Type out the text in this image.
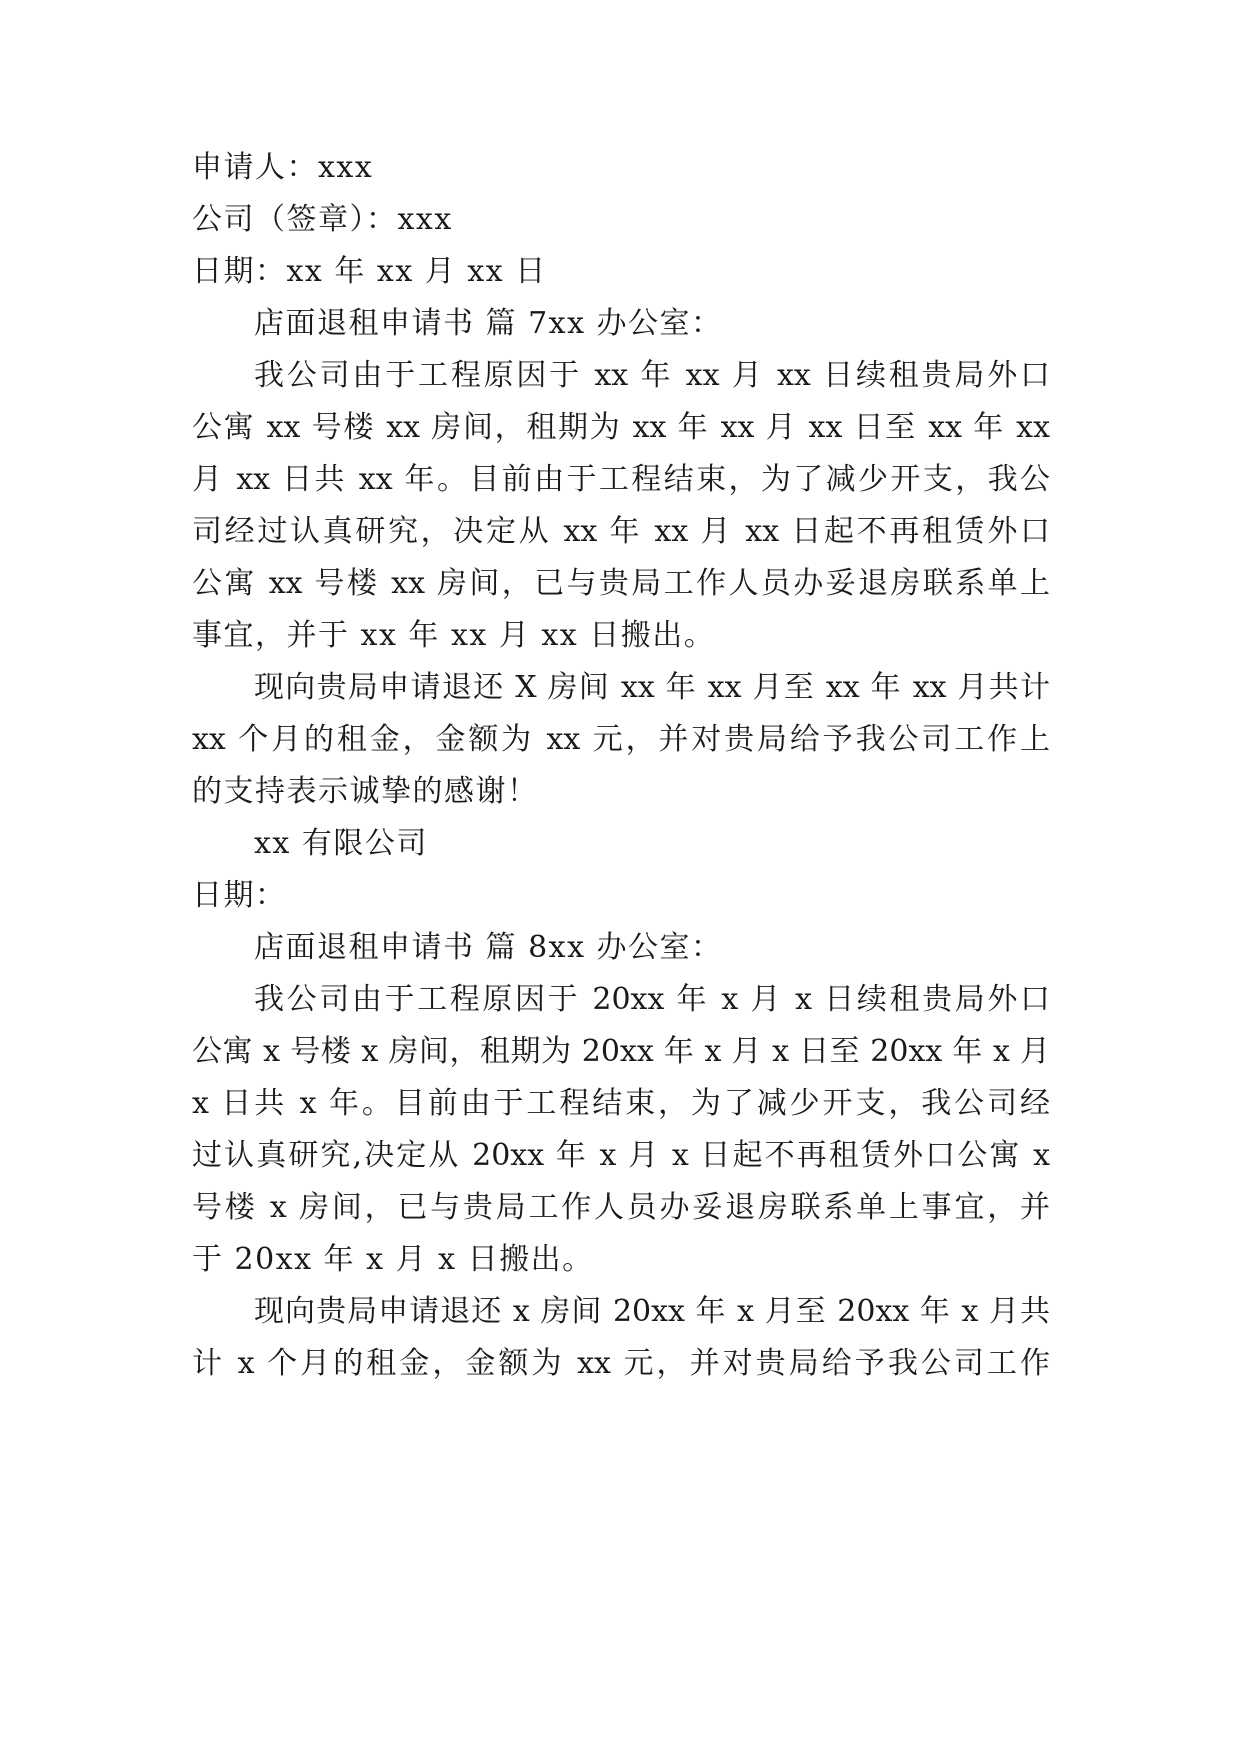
申请人：xxx
公司（签章）：xxx
日期：xx 年 xx 月 xx 日
店面退租申请书 篇 7xx 办公室：
我公司由于工程原因于 xx 年 xx 月 xx 日续租贵局外口
公寓 xx 号楼 xx 房间，租期为 xx 年 xx 月 xx 日至 xx 年 xx
月 xx 日共 xx 年。目前由于工程结束，为了减少开支，我公
司经过认真研究，决定从 xx 年 xx 月 xx 日起不再租赁外口
公寓 xx 号楼 xx 房间，已与贵局工作人员办妥退房联系单上
事宜，并于 xx 年 xx 月 xx 日搬出。
现向贵局申请退还 X 房间 xx 年 xx 月至 xx 年 xx 月共计
xx 个月的租金，金额为 xx 元，并对贵局给予我公司工作上
的支持表示诚挚的感谢！
xx 有限公司
日期：
店面退租申请书 篇 8xx 办公室：
我公司由于工程原因于 20xx 年 x 月 x 日续租贵局外口
公寓 x 号楼 x 房间，租期为 20xx 年 x 月 x 日至 20xx 年 x 月
x 日共 x 年。目前由于工程结束，为了减少开支，我公司经
过认真研究,决定从 20xx 年 x 月 x 日起不再租赁外口公寓 x
号楼 x 房间，已与贵局工作人员办妥退房联系单上事宜，并
于 20xx 年 x 月 x 日搬出。
现向贵局申请退还 x 房间 20xx 年 x 月至 20xx 年 x 月共
计 x 个月的租金，金额为 xx 元，并对贵局给予我公司工作
